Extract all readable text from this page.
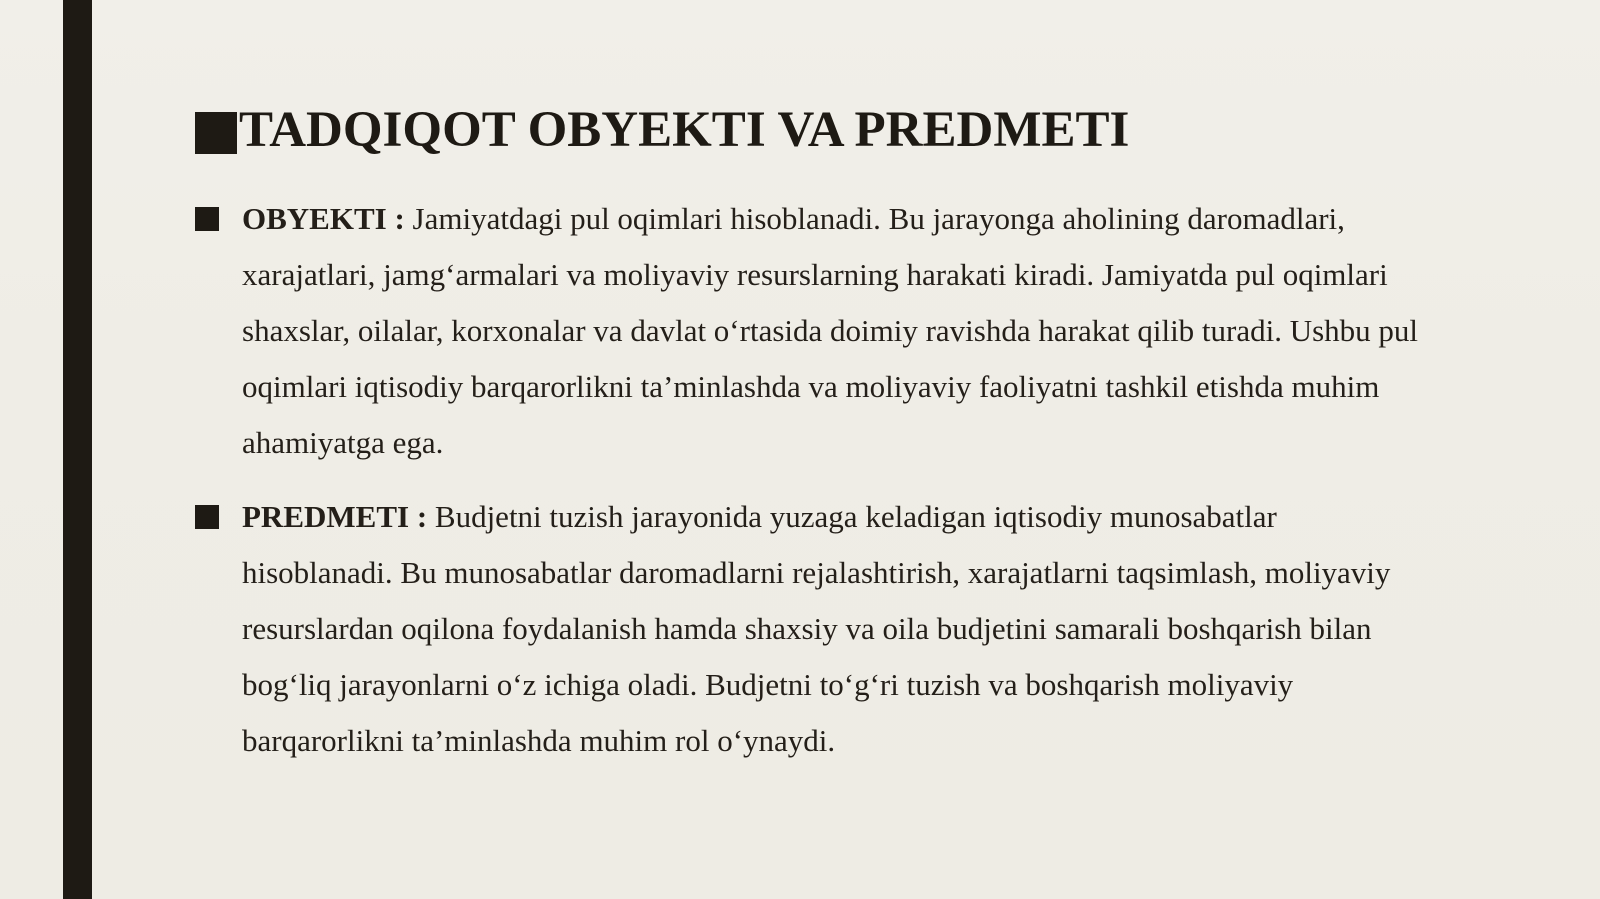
TADQIQOT OBYEKTI VA PREDMETI
OBYEKTI : Jamiyatdagi pul oqimlari hisoblanadi. Bu jarayonga aholining daromadlari, xarajatlari, jamg‘armalari va moliyaviy resurslarning harakati kiradi. Jamiyatda pul oqimlari shaxslar, oilalar, korxonalar va davlat o‘rtasida doimiy ravishda harakat qilib turadi. Ushbu pul oqimlari iqtisodiy barqarorlikni ta’minlashda va moliyaviy faoliyatni tashkil etishda muhim ahamiyatga ega.
PREDMETI : Budjetni tuzish jarayonida yuzaga keladigan iqtisodiy munosabatlar hisoblanadi. Bu munosabatlar daromadlarni rejalashtirish, xarajatlarni taqsimlash, moliyaviy resurslardan oqilona foydalanish hamda shaxsiy va oila budjetini samarali boshqarish bilan bog‘liq jarayonlarni o‘z ichiga oladi. Budjetni to‘g‘ri tuzish va boshqarish moliyaviy barqarorlikni ta’minlashda muhim rol o‘ynaydi.
